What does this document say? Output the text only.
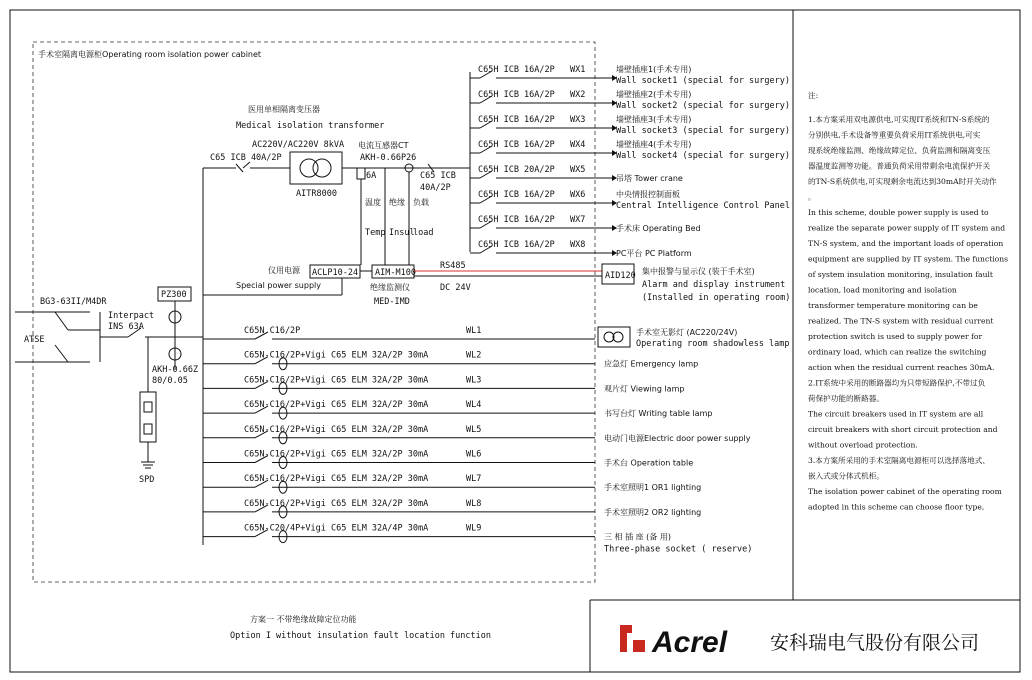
手术室隔离电源柜Operating room isolation power cabinet
BG3-63II/M4DR
ATSE
Interpact
INS 63A
PZ300
AKH-0.66Z
80/0.05
SPD
医用单相隔离变压器
Medical isolation transformer
AC220V/AC220V 8kVA
C65 ICB 40A/2P
AITR8000
电流互感器CT
AKH-0.66P26
6A	C65 ICB
40A/2P
温度
Temp
绝缘
Insul
负载
load
C65H ICB 16A/2P WX1	墙壁插座1(手术专用)
Wall socket1 (special for surgery)
C65H ICB 16A/2P WX2	墙壁插座2(手术专用)
Wall socket2 (special for surgery)
C65H ICB 16A/2P WX3	墙壁插座3(手术专用)
Wall socket3 (special for surgery)
C65H ICB 16A/2P WX4	墙壁插座4(手术专用)
Wall socket4 (special for surgery)
C65H ICB 20A/2P WX5
吊塔 Tower crane
C65H ICB 16A/2P WX6	中央情报控制面板
Central Intelligence Control Panel
C65H ICB 16A/2P WX7
手术床 Operating Bed
C65H ICB 16A/2P WX8
PC平台 PC Platform
仪用电源
Special power supply
ACLP10-24 AIM-M100
RS485
DC 24V
绝缘监测仪
MED-IMD
AID120 集中报警与显示仪 (装于手术室)
Alarm and display instrument
(Installed in operating room)
C65N C16/2P	WL1	手术室无影灯 (AC220/24V)
Operating room shadowless lamp
C65N-C16/2P+Vigi C65 ELM 32A/2P 30mA	WL2
应急灯 Emergency lamp
C65N-C16/2P+Vigi C65 ELM 32A/2P 30mA	WL3
观片灯 Viewing lamp
C65N-C16/2P+Vigi C65 ELM 32A/2P 30mA	WL4
书写台灯 Writing table lamp
C65N-C16/2P+Vigi C65 ELM 32A/2P 30mA	WL5
电动门电源Electric door power supply
C65N-C16/2P+Vigi C65 ELM 32A/2P 30mA	WL6
手术台 Operation table
C65N-C16/2P+Vigi C65 ELM 32A/2P 30mA	WL7
手术室照明1 OR1 lighting
C65N-C16/2P+Vigi C65 ELM 32A/2P 30mA	WL8
手术室照明2 OR2 lighting
C65N-C20/4P+Vigi C65 ELM 32A/4P 30mA	WL9
三 相 插 座 (备 用)
Three-phase socket ( reserve)
方案一 不带绝缘故障定位功能
Option I without insulation fault location function
注:
1.本方案采用双电源供电,可实现IT系统和TN-S系统的
分别供电,手术设备等重要负荷采用IT系统供电,可实
现系统绝缘监测、绝缘故障定位、负荷监测和隔离变压
器温度监测等功能。普通负荷采用带剩余电流保护开关
的TN-S系统供电,可实现剩余电流达到30mA时开关动作
。
In this scheme, double power supply is used to
realize the separate power supply of IT system and
TN-S system, and the important loads of operation
equipment are supplied by IT system. The functions
of system insulation monitoring, insulation fault
location, load monitoring and isolation
transformer temperature monitoring can be
realized. The TN-S system with residual current
protection switch is used to supply power for
ordinary load, which can realize the switching
action when the residual current reaches 30mA.
2.IT系统中采用的断路器均为只带短路保护,不带过负
荷保护功能的断路器。
The circuit breakers used in IT system are all
circuit breakers with short circuit protection and
without overload protection.
3.本方案所采用的手术室隔离电源柜可以选择落地式、
嵌入式或分体式机柜。
The isolation power cabinet of the operating room
adopted in this scheme can choose floor type,
Acrel 安科瑞电气股份有限公司
